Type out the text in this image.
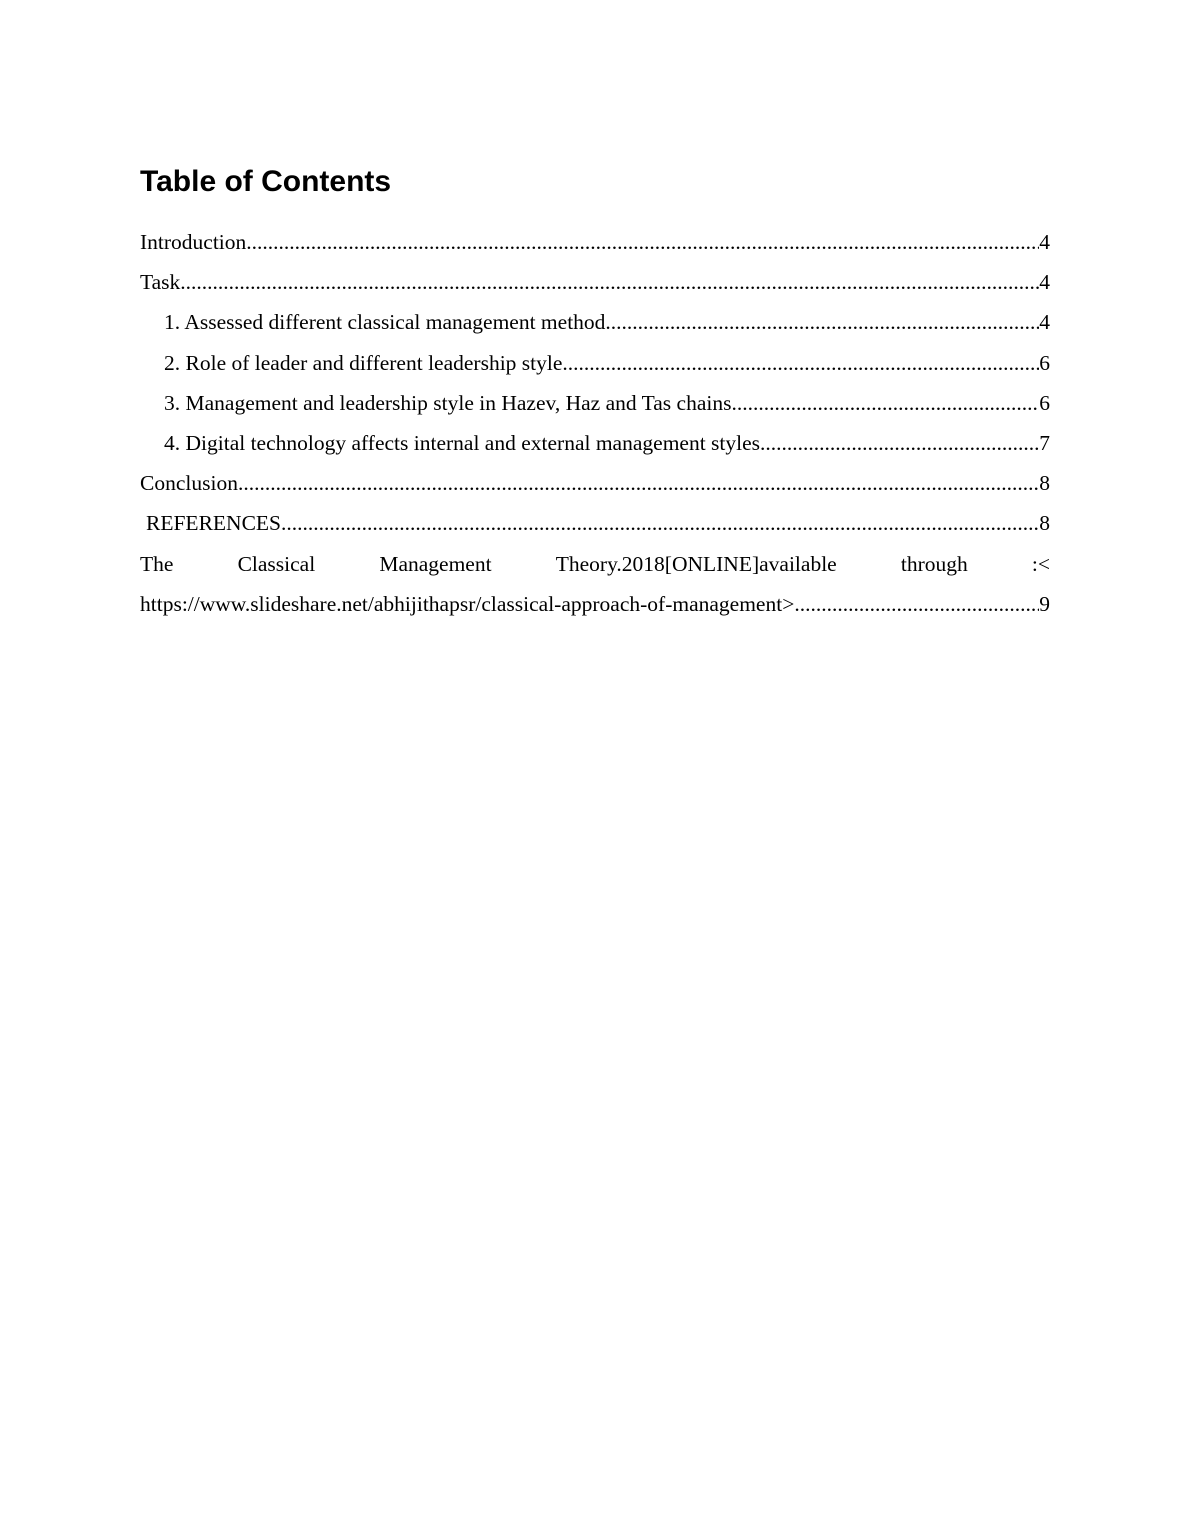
Table of Contents
Introduction .....	4
Task .....	4
1. Assessed different classical management method .....	4
2. Role of leader and different leadership style .....	6
3. Management and leadership style in Hazev, Haz and Tas chains .....	6
4. Digital technology affects internal and external management styles .....	7
Conclusion .....	8
REFERENCES .....	8
The	Classical	Management	Theory.2018[ONLINE]available	through	:<
https://www.slideshare.net/abhijithapsr/classical-approach-of-management> .....	9
